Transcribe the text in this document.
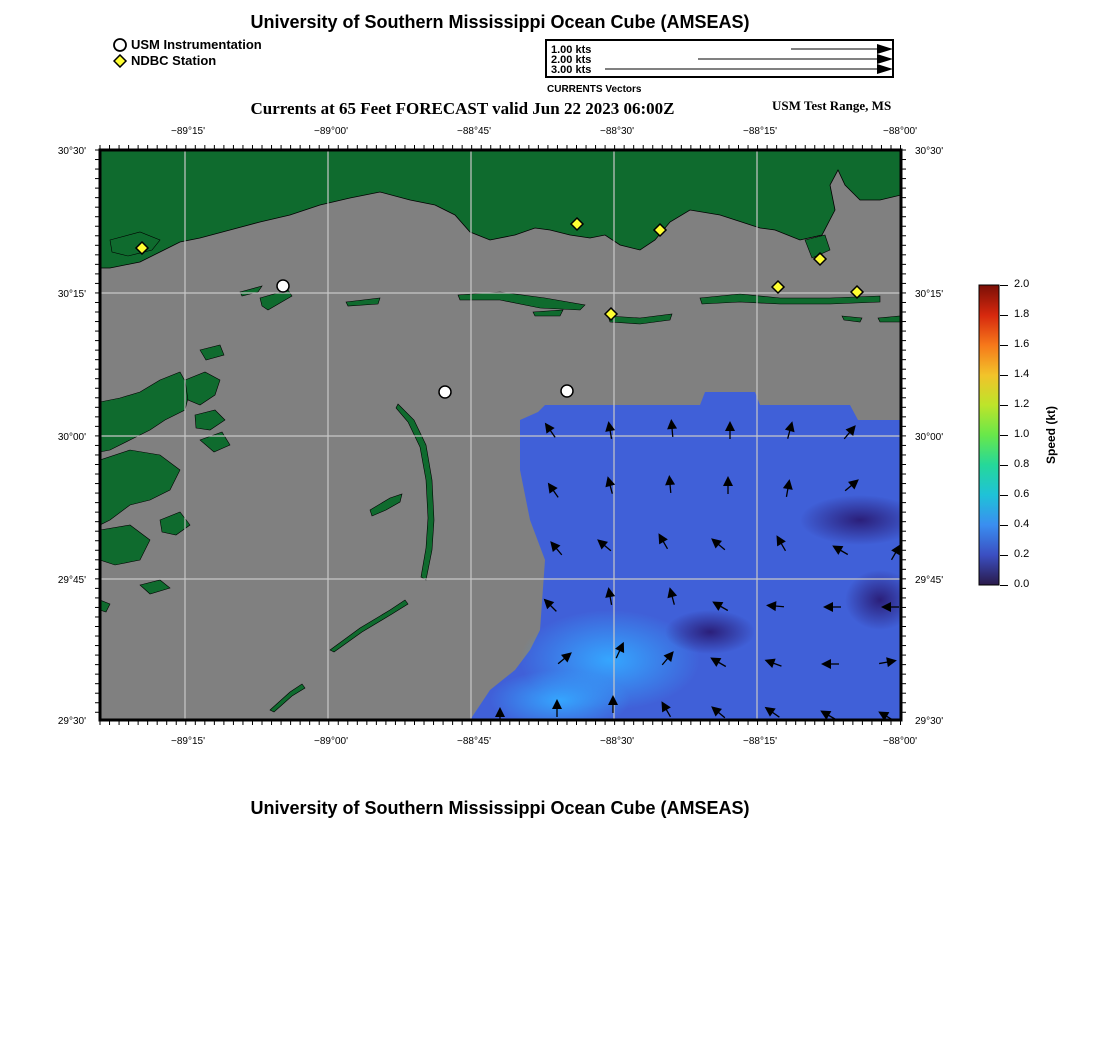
University of Southern Mississippi Ocean Cube (AMSEAS)
USM Instrumentation
NDBC Station
1.00 kts
2.00 kts
3.00 kts
CURRENTS Vectors
Currents at 65 Feet FORECAST valid Jun 22 2023 06:00Z	USM Test Range, MS
−89°15'	−89°00'	−88°45'	−88°30'	−88°15'	−88°00'
−89°15'	−89°00'	−88°45'	−88°30'	−88°15'	−88°00'
30°30'
30°15'
30°00'
29°45'
29°30'
30°30'
30°15'
30°00'
29°45'
29°30'
2.0
1.8
1.6
1.4
1.2
1.0
0.8
0.6
0.4
0.2
0.0
Speed (kt)
University of Southern Mississippi Ocean Cube (AMSEAS)
